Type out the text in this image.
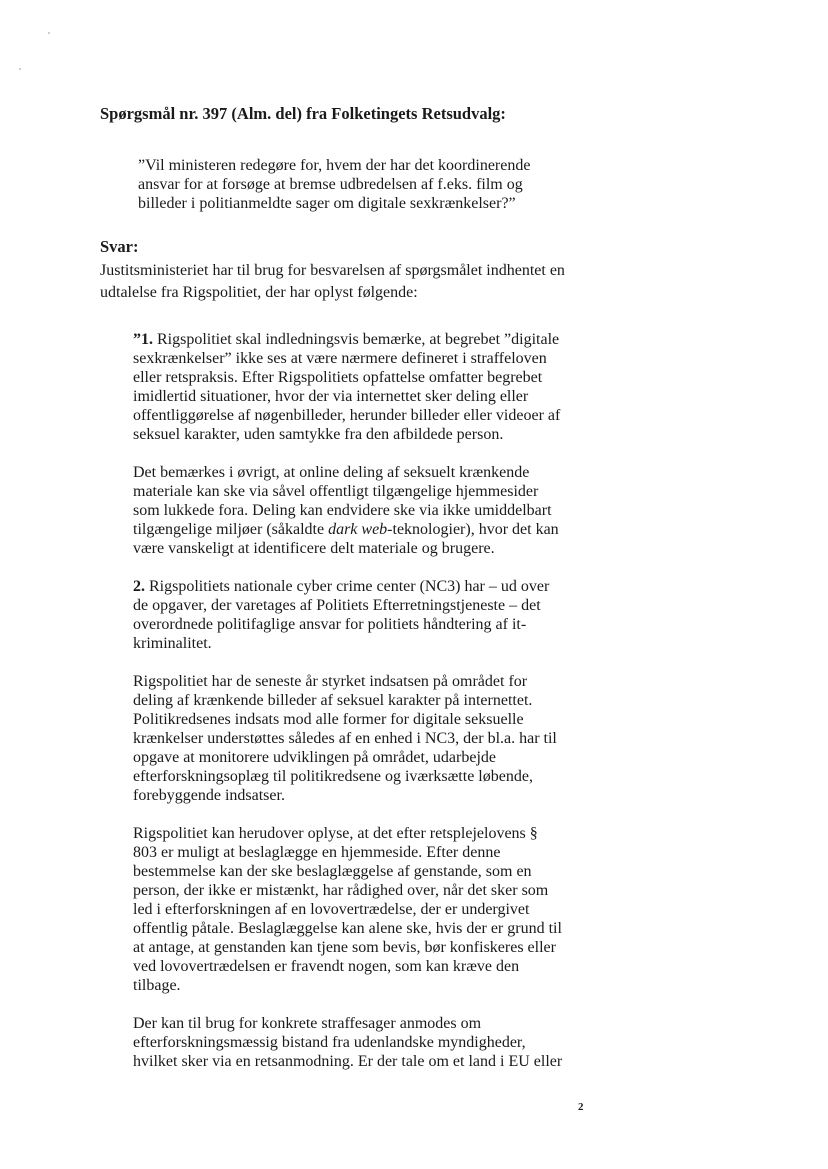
Spørgsmål nr. 397 (Alm. del) fra Folketingets Retsudvalg:

”Vil ministeren redegøre for, hvem der har det koordinerende ansvar for at forsøge at bremse udbredelsen af f.eks. film og billeder i politianmeldte sager om digitale sexkrænkelser?”

Svar:

Justitsministeriet har til brug for besvarelsen af spørgsmålet indhentet en udtalelse fra Rigspolitiet, der har oplyst følgende:

”1. Rigspolitiet skal indledningsvis bemærke, at begrebet ”digitale sexkrænkelser” ikke ses at være nærmere defineret i straffeloven eller retspraksis. Efter Rigspolitiets opfattelse omfatter begrebet imidlertid situationer, hvor der via internettet sker deling eller offentliggørelse af nøgenbilleder, herunder billeder eller videoer af seksuel karakter, uden samtykke fra den afbildede person.

Det bemærkes i øvrigt, at online deling af seksuelt krænkende materiale kan ske via såvel offentligt tilgængelige hjemmesider som lukkede fora. Deling kan endvidere ske via ikke umiddelbart tilgængelige miljøer (såkaldte dark web-teknologier), hvor det kan være vanskeligt at identificere delt materiale og brugere.

2. Rigspolitiets nationale cyber crime center (NC3) har – ud over de opgaver, der varetages af Politiets Efterretningstjeneste – det overordnede politifaglige ansvar for politiets håndtering af it-kriminalitet.

Rigspolitiet har de seneste år styrket indsatsen på området for deling af krænkende billeder af seksuel karakter på internettet. Politikredsenes indsats mod alle former for digitale seksuelle krænkelser understøttes således af en enhed i NC3, der bl.a. har til opgave at monitorere udviklingen på området, udarbejde efterforskningsoplæg til politikredsene og iværksætte løbende, forebyggende indsatser.

Rigspolitiet kan herudover oplyse, at det efter retsplejelovens § 803 er muligt at beslaglægge en hjemmeside. Efter denne bestemmelse kan der ske beslaglæggelse af genstande, som en person, der ikke er mistænkt, har rådighed over, når det sker som led i efterforskningen af en lovovertrædelse, der er undergivet offentlig påtale. Beslaglæggelse kan alene ske, hvis der er grund til at antage, at genstanden kan tjene som bevis, bør konfiskeres eller ved lovovertrædelsen er fravendt nogen, som kan kræve den tilbage.

Der kan til brug for konkrete straffesager anmodes om efterforskningsmæssig bistand fra udenlandske myndigheder, hvilket sker via en retsanmodning. Er der tale om et land i EU eller

2
